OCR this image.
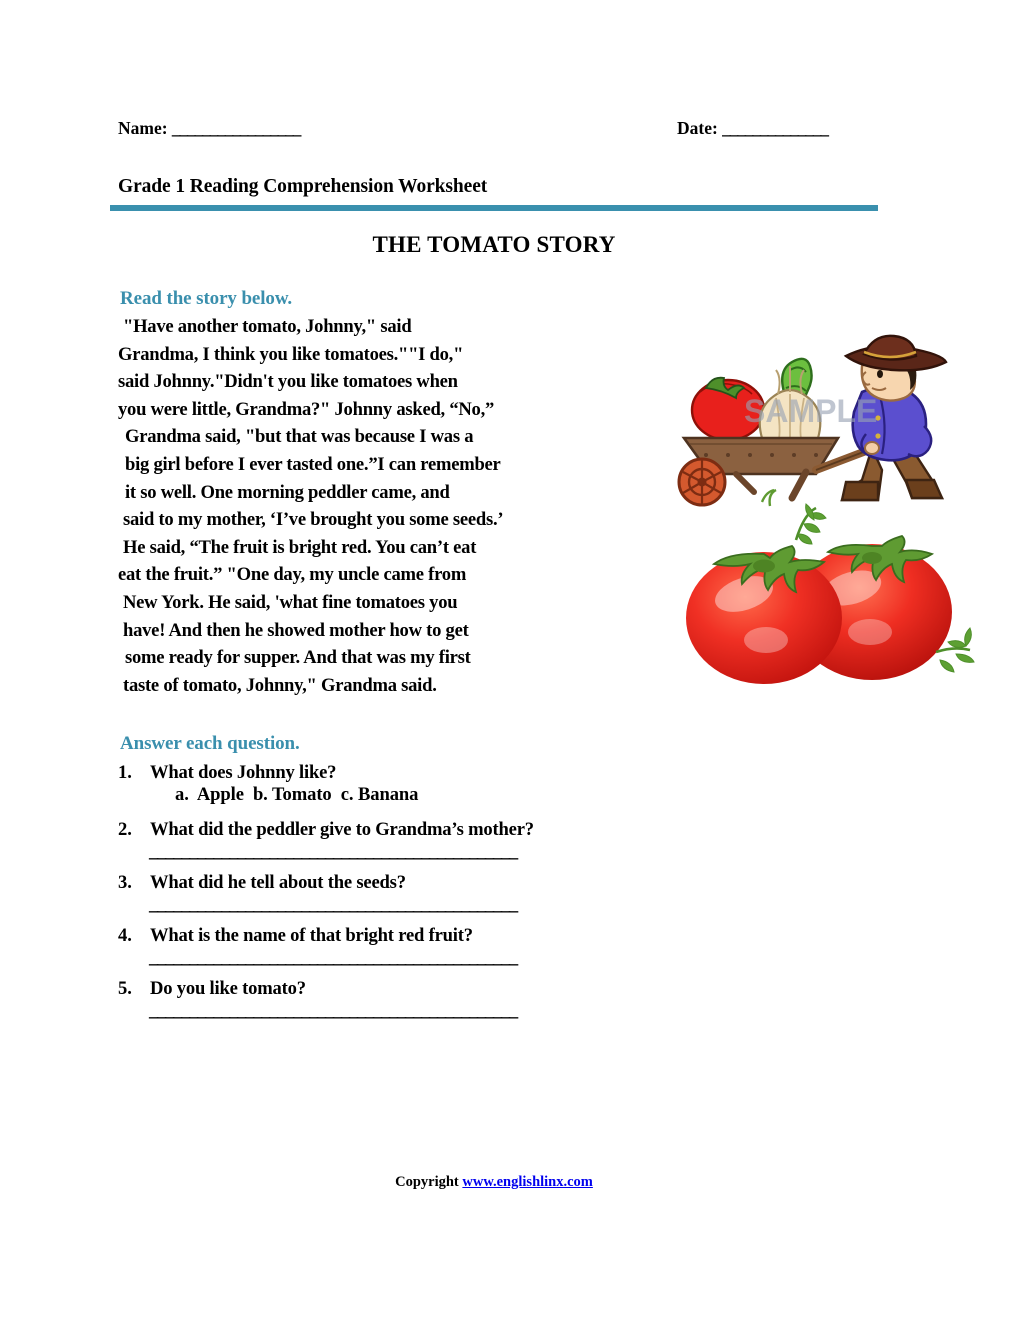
Name: _________________	Date: ______________
Grade 1 Reading Comprehension Worksheet
THE TOMATO STORY
Read the story below.
"Have another tomato, Johnny," said
Grandma, I think you like tomatoes.""I do,"
said Johnny."Didn't you like tomatoes when
you were little, Grandma?" Johnny asked, “No,”
Grandma said, "but that was because I was a
big girl before I ever tasted one.”I can remember
it so well. One morning peddler came, and
said to my mother, ‘I’ve brought you some seeds.’
He said, “The fruit is bright red. You can’t eat
eat the fruit.” "One day, my uncle came from
New York. He said, 'what fine tomatoes you
have! And then he showed mother how to get
some ready for supper. And that was my first
taste of tomato, Johnny," Grandma said.
SAMPLE
Answer each question.
1. What does Johnny like?
a.  Apple  b. Tomato  c. Banana
2. What did the peddler give to Grandma’s mother?
______________________________________________
3. What did he tell about the seeds?
______________________________________________
4. What is the name of that bright red fruit?
______________________________________________
5. Do you like tomato?
______________________________________________
Copyright www.englishlinx.com
